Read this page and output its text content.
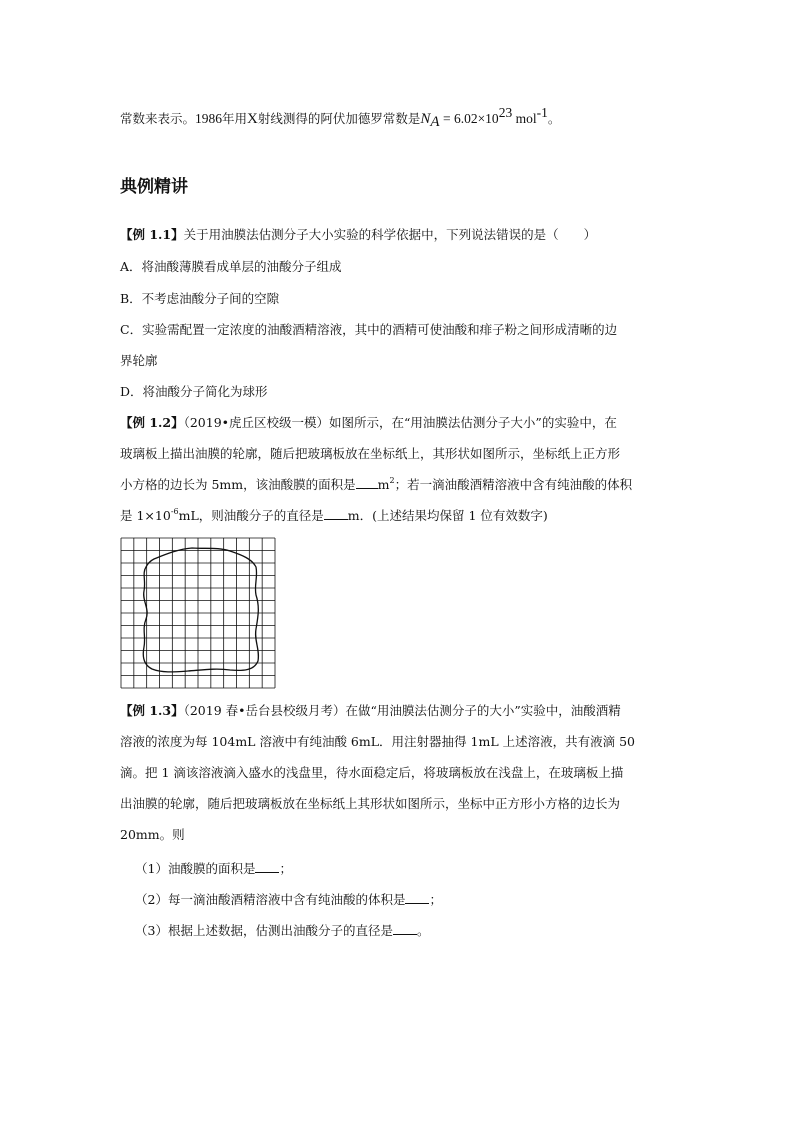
常数来表示。1986年用X射线测得的阿伏加德罗常数是$N_A = 6.02\times 10^{23}$ mol$^{-1}$。
典例精讲
【例 1.1】关于用油膜法估测分子大小实验的科学依据中，下列说法错误的是（　　）
A．将油酸薄膜看成单层的油酸分子组成
B．不考虑油酸分子间的空隙
C．实验需配置一定浓度的油酸酒精溶液，其中的酒精可使油酸和痱子粉之间形成清晰的边
界轮廓
D．将油酸分子简化为球形
【例 1.2】（2019•虎丘区校级一模）如图所示，在“用油膜法估测分子大小”的实验中，在
玻璃板上描出油膜的轮廓，随后把玻璃板放在坐标纸上，其形状如图所示，坐标纸上正方形
小方格的边长为 5mm，该油酸膜的面积是 $m^2$；若一滴油酸酒精溶液中含有纯油酸的体积
是 $1\times 10^{-6}mL$，则油酸分子的直径是 m．(上述结果均保留 1 位有效数字)
【例 1.3】（2019 春•岳台县校级月考）在做“用油膜法估测分子的大小”实验中，油酸酒精
溶液的浓度为每 104mL 溶液中有纯油酸 6mL．用注射器抽得 1mL 上述溶液，共有液滴 50
滴。把 1 滴该溶液滴入盛水的浅盘里，待水面稳定后，将玻璃板放在浅盘上，在玻璃板上描
出油膜的轮廓，随后把玻璃板放在坐标纸上其形状如图所示，坐标中正方形小方格的边长为
20mm。则
（1）油酸膜的面积是 ；
（2）每一滴油酸酒精溶液中含有纯油酸的体积是 ；
（3）根据上述数据，估测出油酸分子的直径是 。
